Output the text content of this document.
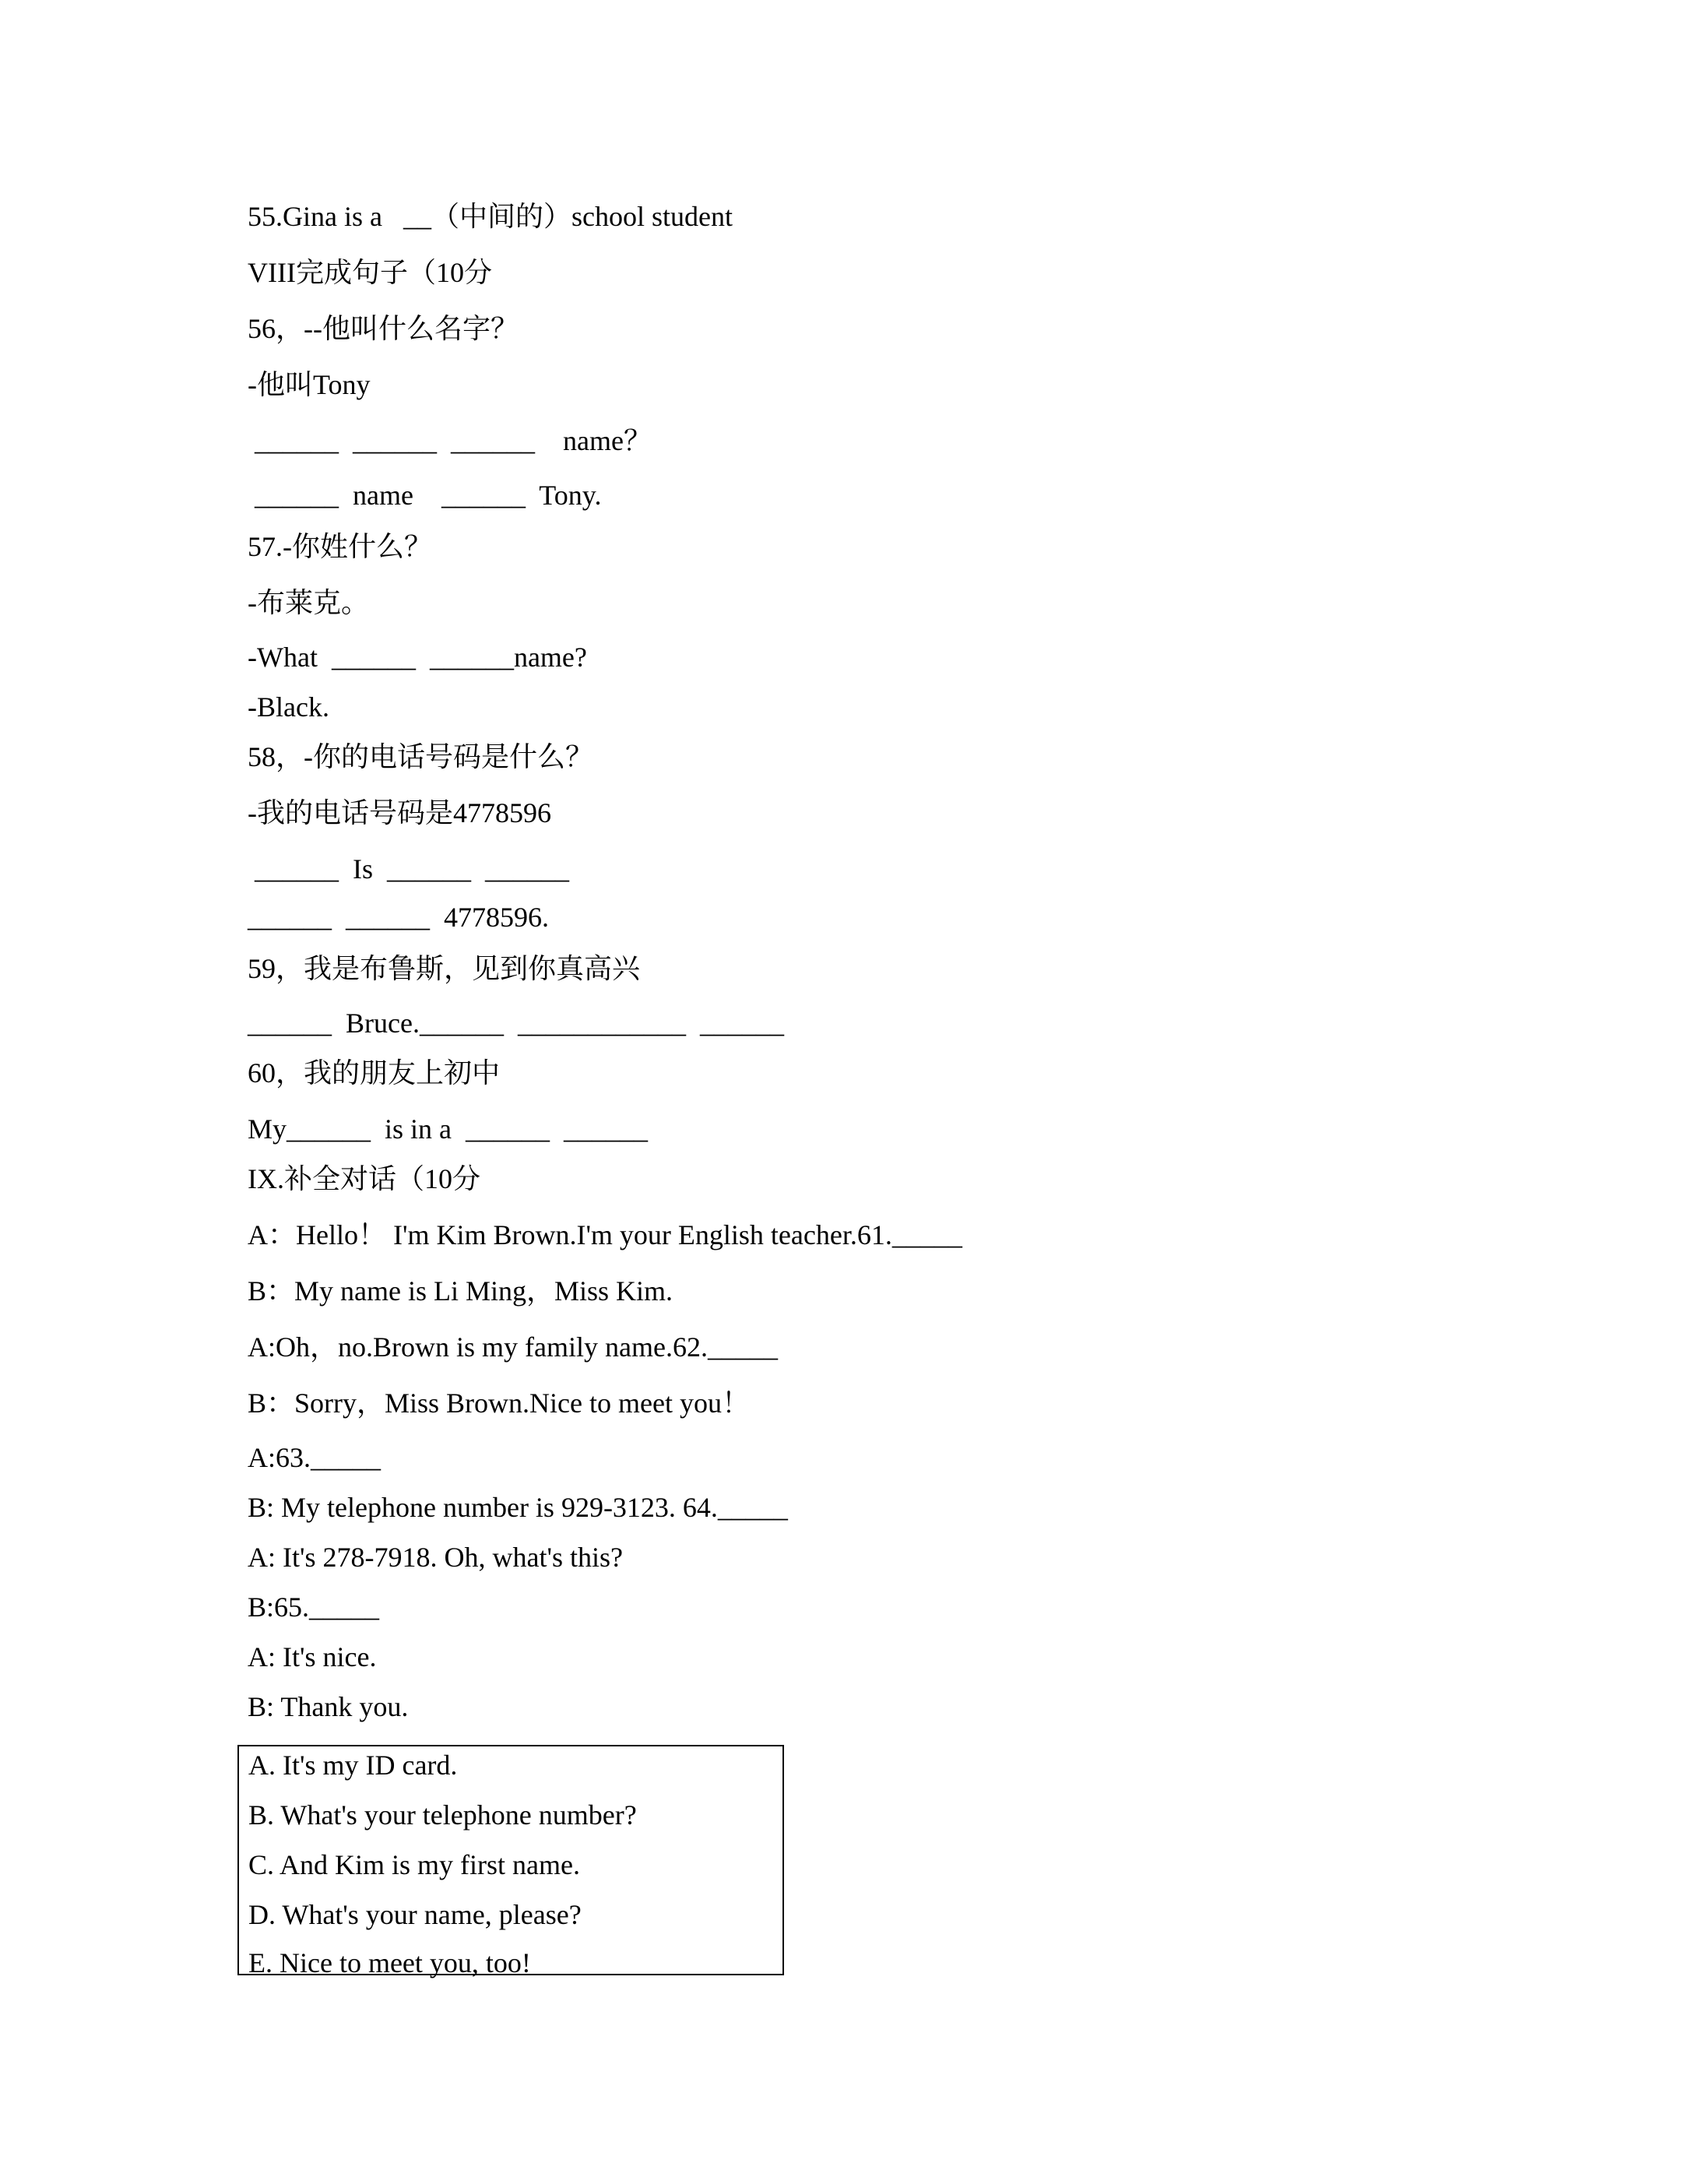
55.Gina is a   __（中间的）school student
VIII完成句子（10分
56，--他叫什么名字？
-他叫Tony
______  ______  ______    name？
______  name    ______  Tony.
57.-你姓什么？
-布莱克。
-What  ______  ______name?
-Black.
58，-你的电话号码是什么？
-我的电话号码是4778596
______  Is  ______  ______
______  ______  4778596.
59，我是布鲁斯，见到你真高兴
______  Bruce.______  ____________  ______
60，我的朋友上初中
My______  is in a  ______  ______
IX.补全对话（10分
A：Hello！ I'm Kim Brown.I'm your English teacher.61._____
B：My name is Li Ming，Miss Kim.
A:Oh，no.Brown is my family name.62._____
B：Sorry，Miss Brown.Nice to meet you！
A:63._____
B: My telephone number is 929-3123. 64._____
A: It's 278-7918. Oh, what's this?
B:65._____
A: It's nice.
B: Thank you.
A. It's my ID card.
B. What's your telephone number?
C. And Kim is my first name.
D. What's your name, please?
E. Nice to meet you, too!
